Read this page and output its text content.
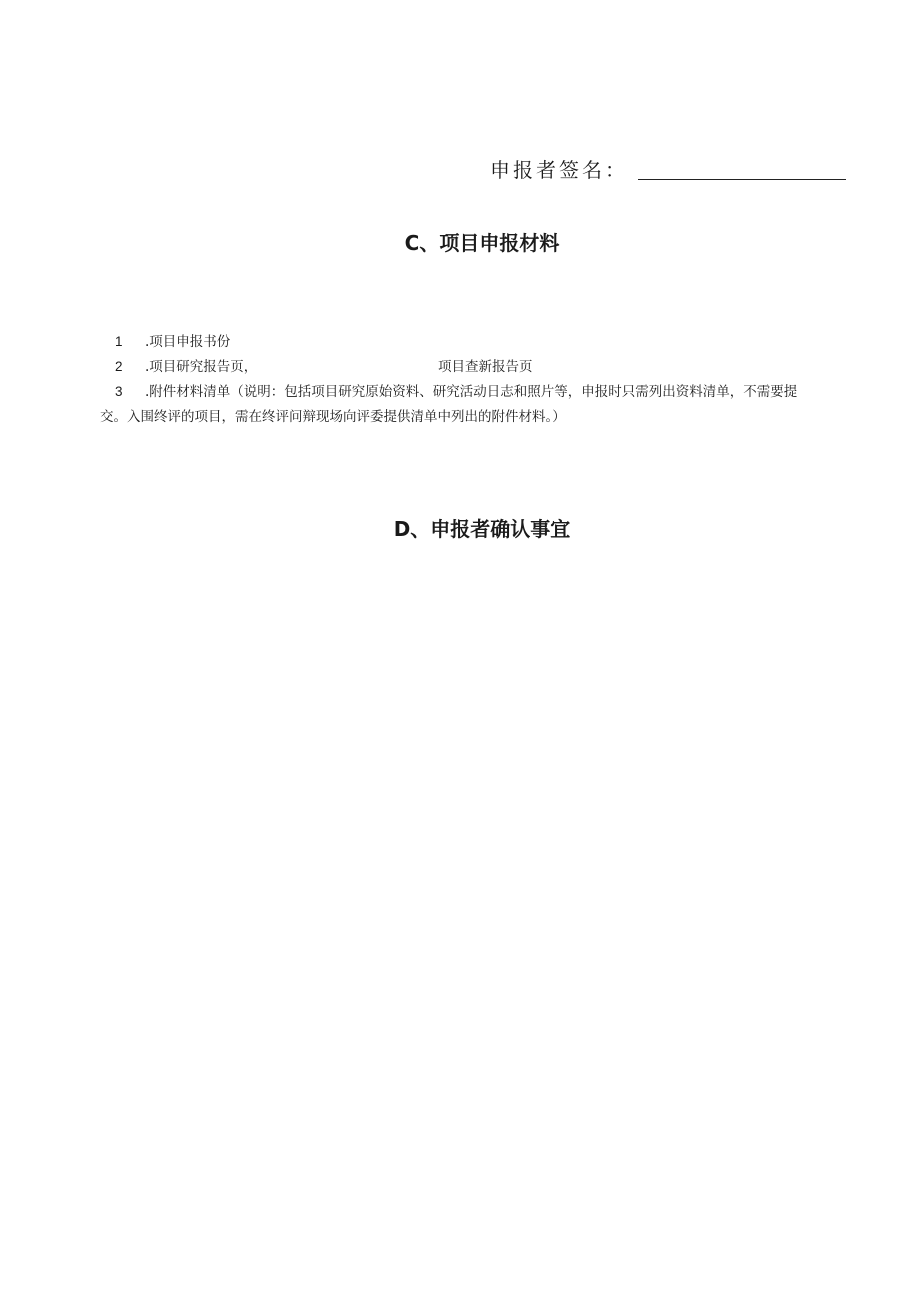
申报者签名：
C、项目申报材料
1 .项目申报书份
2 .项目研究报告页，	项目查新报告页
3 .附件材料清单（说明：包括项目研究原始资料、研究活动日志和照片等，申报时只需列出资料清单，不需要提
交。入围终评的项目，需在终评问辩现场向评委提供清单中列出的附件材料。）
D、申报者确认事宜
